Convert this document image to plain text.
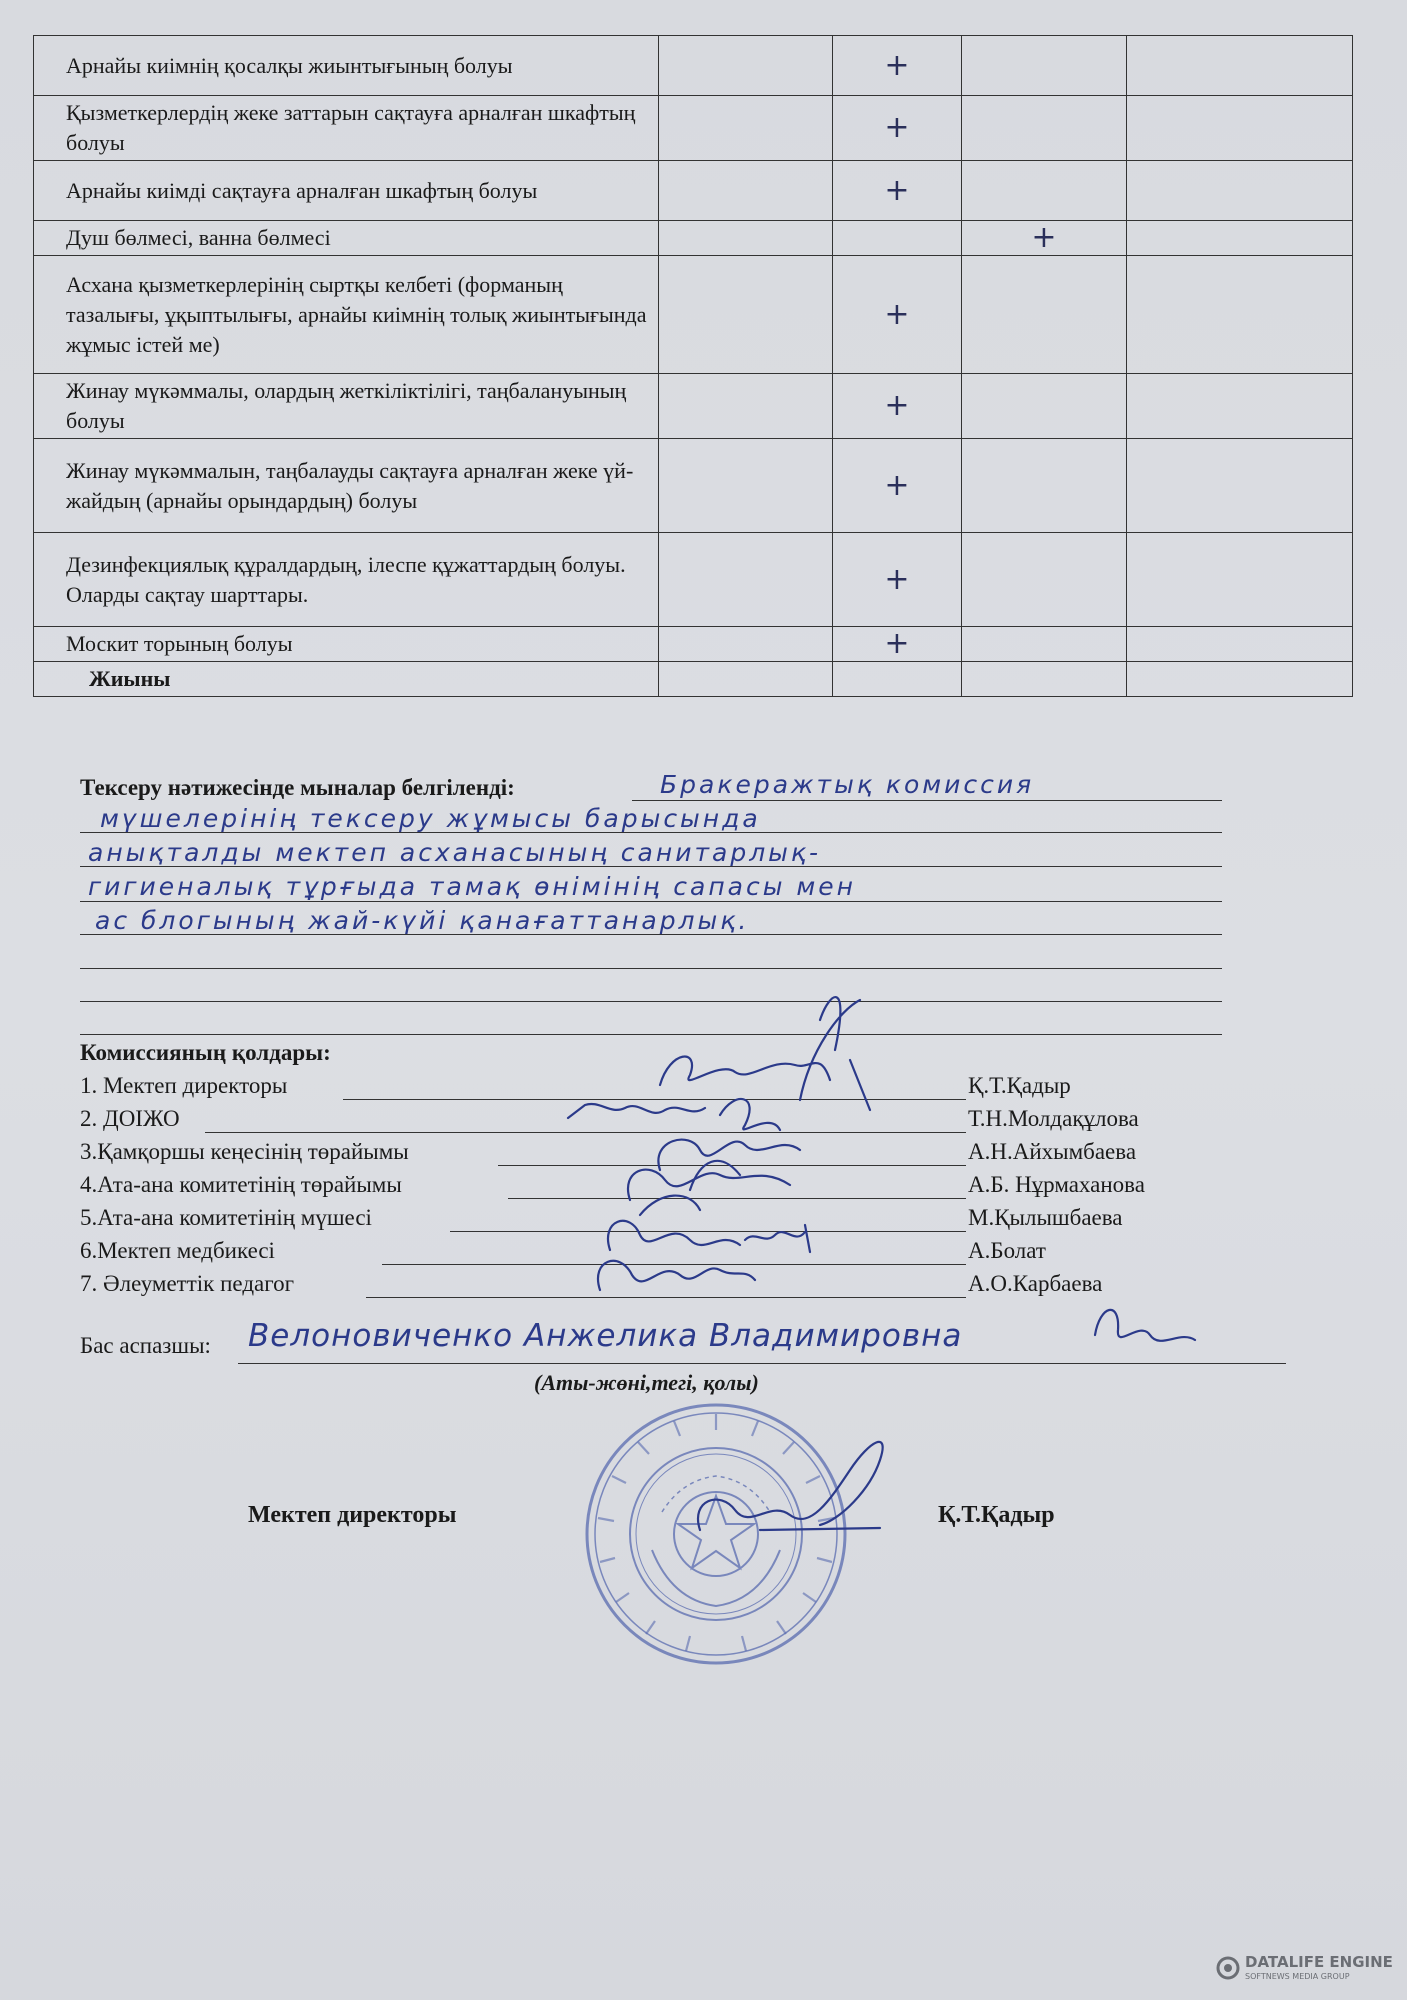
Арнайы киімнің қосалқы жиынтығының болуы		+		
Қызметкерлердің жеке заттарын сақтауға арналған шкафтың болуы		+		
Арнайы киімді сақтауға арналған шкафтың болуы		+		
Душ бөлмесі, ванна бөлмесі			+	
Асхана қызметкерлерінің сыртқы келбеті (форманың тазалығы, ұқыптылығы, арнайы киімнің толық жиынтығында жұмыс істей ме)		+		
Жинау мүкәммалы, олардың жеткіліктілігі, таңбалануының болуы		+		
Жинау мүкәммалын, таңбалауды сақтауға арналған жеке үй-жайдың (арнайы орындардың) болуы		+		
Дезинфекциялық құралдардың, ілеспе құжаттардың болуы. Оларды сақтау шарттары.		+		
Москит торының болуы		+		
Жиыны				
Тексеру нәтижесінде мыналар белгіленді:	Бракеражтық комиссия
мүшелерінің тексеру жұмысы барысында
анықталды мектеп асханасының санитарлық-
гигиеналық тұрғыда тамақ өнімінің сапасы мен
ас блогының жай-күйі қанағаттанарлық.
Комиссияның қолдары:
1. Мектеп директоры	Қ.Т.Қадыр
2. ДОІЖО	Т.Н.Молдақұлова
3.Қамқоршы кеңесінің төрайымы	А.Н.Айхымбаева
4.Ата-ана комитетінің төрайымы	А.Б. Нұрмаханова
5.Ата-ана комитетінің мүшесі	М.Қылышбаева
6.Мектеп медбикесі	А.Болат
7. Әлеуметтік педагог	А.О.Карбаева
Бас аспазшы: Велоновиченко Анжелика Владимировна
(Аты-жөні,тегі, қолы)
Мектеп директоры	Қ.Т.Қадыр
DATALIFE ENGINE
SOFTNEWS MEDIA GROUP
